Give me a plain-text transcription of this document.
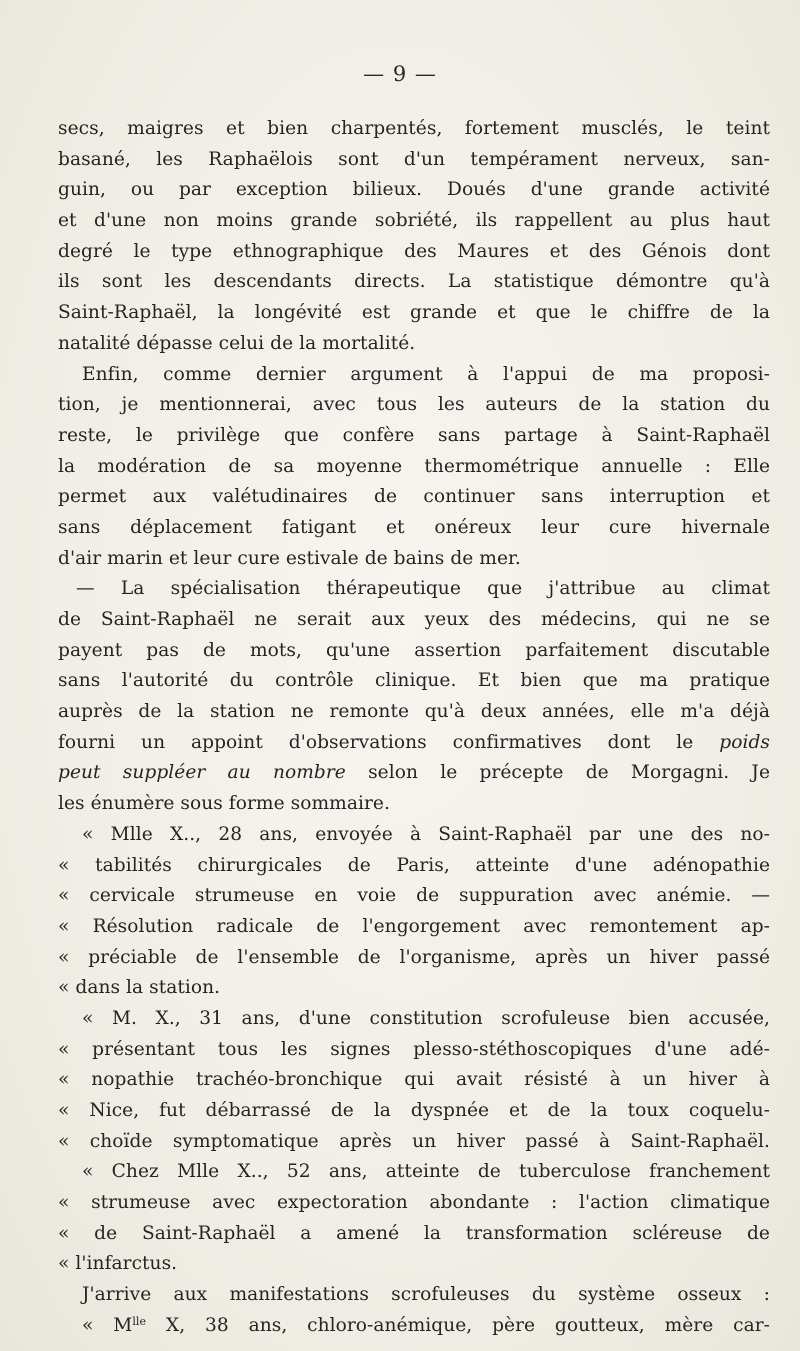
— 9 —
secs, maigres et bien charpentés, fortement musclés, le teint
basané, les Raphaëlois sont d'un tempérament nerveux, san-
guin, ou par exception bilieux. Doués d'une grande activité
et d'une non moins grande sobriété, ils rappellent au plus haut
degré le type ethnographique des Maures et des Génois dont
ils sont les descendants directs. La statistique démontre qu'à
Saint-Raphaël, la longévité est grande et que le chiffre de la
natalité dépasse celui de la mortalité.
Enfin, comme dernier argument à l'appui de ma proposi-
tion, je mentionnerai, avec tous les auteurs de la station du
reste, le privilège que confère sans partage à Saint-Raphaël
la modération de sa moyenne thermométrique annuelle : Elle
permet aux valétudinaires de continuer sans interruption et
sans déplacement fatigant et onéreux leur cure hivernale
d'air marin et leur cure estivale de bains de mer.
— La spécialisation thérapeutique que j'attribue au climat
de Saint-Raphaël ne serait aux yeux des médecins, qui ne se
payent pas de mots, qu'une assertion parfaitement discutable
sans l'autorité du contrôle clinique. Et bien que ma pratique
auprès de la station ne remonte qu'à deux années, elle m'a déjà
fourni un appoint d'observations confirmatives dont le poids
peut suppléer au nombre selon le précepte de Morgagni. Je
les énumère sous forme sommaire.
« Mlle X.., 28 ans, envoyée à Saint-Raphaël par une des no-
« tabilités chirurgicales de Paris, atteinte d'une adénopathie
« cervicale strumeuse en voie de suppuration avec anémie. —
« Résolution radicale de l'engorgement avec remontement ap-
« préciable de l'ensemble de l'organisme, après un hiver passé
« dans la station.
« M. X., 31 ans, d'une constitution scrofuleuse bien accusée,
« présentant tous les signes plesso-stéthoscopiques d'une adé-
« nopathie trachéo-bronchique qui avait résisté à un hiver à
« Nice, fut débarrassé de la dyspnée et de la toux coquelu-
« choïde symptomatique après un hiver passé à Saint-Raphaël.
« Chez Mlle X.., 52 ans, atteinte de tuberculose franchement
« strumeuse avec expectoration abondante : l'action climatique
« de Saint-Raphaël a amené la transformation scléreuse de
« l'infarctus.
J'arrive aux manifestations scrofuleuses du système osseux :
« $M^{lle}$ X, 38 ans, chloro-anémique, père goutteux, mère car-
